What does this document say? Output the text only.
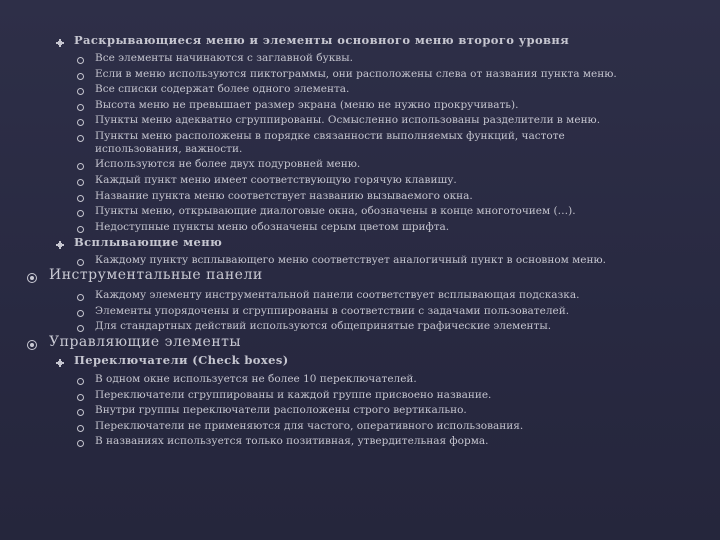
Раскрывающиеся меню и элементы основного меню второго уровня
Все элементы начинаются с заглавной буквы.
Если в меню используются пиктограммы, они расположены слева от названия пункта меню.
Все списки содержат более одного элемента.
Высота меню не превышает размер экрана (меню не нужно прокручивать).
Пункты меню адекватно сгруппированы. Осмысленно использованы разделители в меню.
Пункты меню расположены в порядке связанности выполняемых функций, частоте
использования, важности.
Используются не более двух подуровней меню.
Каждый пункт меню имеет соответствующую горячую клавишу.
Название пункта меню соответствует названию вызываемого окна.
Пункты меню, открывающие диалоговые окна, обозначены в конце многоточием (…).
Недоступные пункты меню обозначены серым цветом шрифта.
Всплывающие меню
Каждому пункту всплывающего меню соответствует аналогичный пункт в основном меню.
Инструментальные панели
Каждому элементу инструментальной панели соответствует всплывающая подсказка.
Элементы упорядочены и сгруппированы в соответствии с задачами пользователей.
Для стандартных действий используются общепринятые графические элементы.
Управляющие элементы
Переключатели (Check boxes)
В одном окне используется не более 10 переключателей.
Переключатели сгруппированы и каждой группе присвоено название.
Внутри группы переключатели расположены строго вертикально.
Переключатели не применяются для частого, оперативного использования.
В названиях используется только позитивная, утвердительная форма.
